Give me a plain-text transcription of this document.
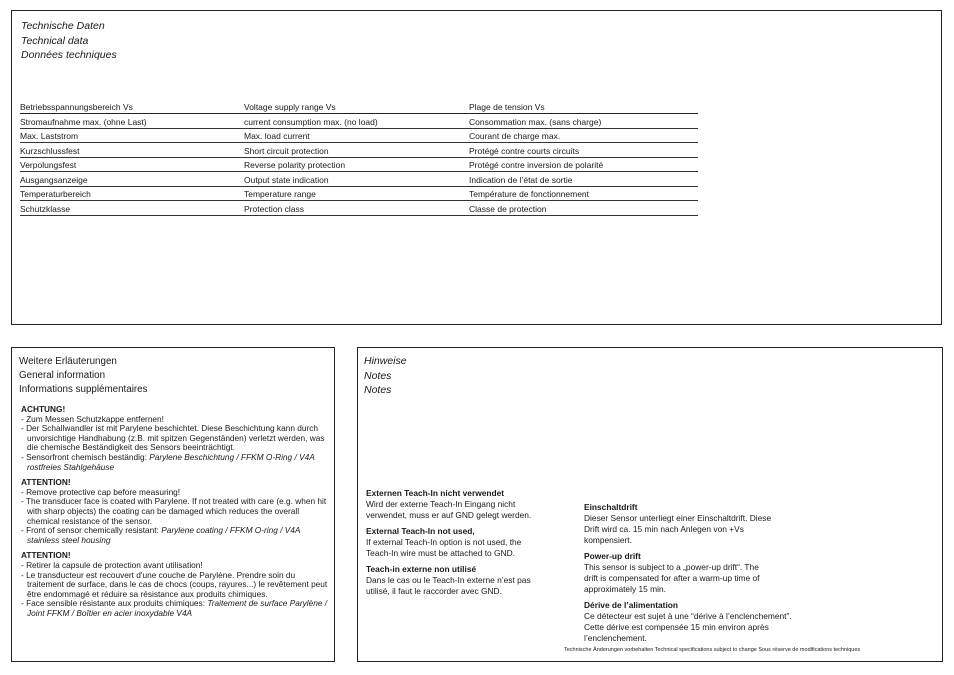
Technische Daten
Technical data
Données techniques
Betriebsspannungsbereich Vs	Voltage supply range Vs	Plage de tension Vs
Stromaufnahme max. (ohne Last)	current consumption max. (no load)	Consommation max. (sans charge)
Max. Laststrom	Max. load current	Courant de charge max.
Kurzschlussfest	Short circuit protection	Protégé contre courts circuits
Verpolungsfest	Reverse polarity protection	Protégé contre inversion de polarité
Ausgangsanzeige	Output state indication	Indication de l’état de sortie
Temperaturbereich	Temperature range	Température de fonctionnement
Schutzklasse	Protection class	Classe de protection
Weitere Erläuterungen
General information
Informations supplémentaires

ACHTUNG!

- Zum Messen Schutzkappe entfernen!

- Der Schallwandler ist mit Parylene beschichtet. Diese Beschichtung kann durch unvorsichtige Handhabung (z.B. mit spitzen Gegenständen) verletzt werden, was die chemische Beständigkeit des Sensors beeinträchtigt.

- Sensorfront chemisch beständig: Parylene Beschichtung / FFKM O-Ring / V4A rostfreies Stahlgehäuse

ATTENTION!

- Remove protective cap before measuring!

- The transducer face is coated with Parylene. If not treated with care (e.g. when hit with sharp objects) the coating can be damaged which reduces the overall chemical resistance of the sensor.

- Front of sensor chemically resistant: Parylene coating / FFKM O-ring / V4A stainless steel housing

ATTENTION!

- Retirer la capsule de protection avant utilisation!

- Le transducteur est recouvert d'une couche de Parylène. Prendre soin du traitement de surface, dans le cas de chocs (coups, rayures...) le revêtement peut être endommagé et réduire sa résistance aux produits chimiques.

- Face sensible résistante aux produits chimiques: Traitement de surface Parylène / Joint FFKM / Boîtier en acier inoxydable V4A

Hinweise
Notes
Notes

Externen Teach-In nicht verwendet

Wird der externe Teach-In Eingang nicht verwendet, muss er auf GND gelegt werden.

External Teach-In not used,

If external Teach-In option is not used, the Teach-In wire must be attached to GND.

Teach-in externe non utilisé

Dans le cas ou le Teach-In externe n’est pas utilisé, il faut le raccorder avec GND.

Einschaltdrift

Dieser Sensor unterliegt einer Einschaltdrift. Diese Drift wird ca. 15 min nach Anlegen von +Vs kompensiert.

Power-up drift

This sensor is subject to a „power-up drift“. The drift is compensated for after a warm-up time of approximately 15 min.

Dérive de l’alimentation

Ce détecteur est sujet à une “dérive à l’enclenchement”. Cette dérive est compensée 15 min environ après l’enclenchement.

Technische Änderungen vorbehalten Technical specifications subject to change Sous réserve de modifications techniques
